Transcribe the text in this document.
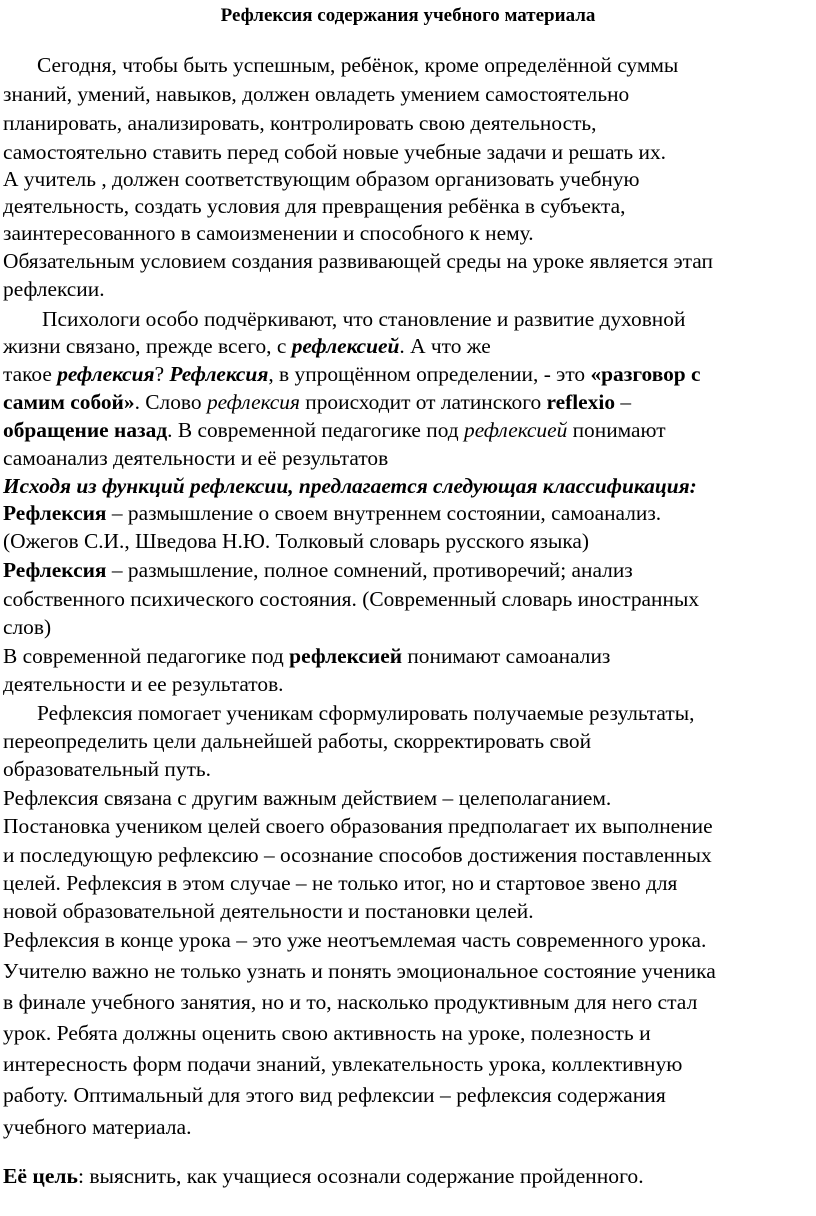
Рефлексия содержания учебного материала
Сегодня, чтобы быть успешным, ребёнок, кроме определённой суммы
знаний, умений, навыков, должен овладеть умением самостоятельно
планировать, анализировать, контролировать свою деятельность,
самостоятельно ставить перед собой новые учебные задачи и решать их.
А учитель , должен соответствующим образом организовать учебную
деятельность, создать условия для превращения ребёнка в субъекта,
заинтересованного в самоизменении и способного к нему.
Обязательным условием создания развивающей среды на уроке является этап
рефлексии.
Психологи особо подчёркивают, что становление и развитие духовной
жизни связано, прежде всего, с рефлексией. А что же
такое рефлексия? Рефлексия, в упрощённом определении, - это «разговор с
самим собой». Слово рефлексия происходит от латинского reflexio –
обращение назад. В современной педагогике под рефлексией понимают
самоанализ деятельности и её результатов
Исходя из функций рефлексии, предлагается следующая классификация:
Рефлексия – размышление о своем внутреннем состоянии, самоанализ.
(Ожегов С.И., Шведова Н.Ю. Толковый словарь русского языка)
Рефлексия – размышление, полное сомнений, противоречий; анализ
собственного психического состояния. (Современный словарь иностранных
слов)
В современной педагогике под рефлексией понимают самоанализ
деятельности и ее результатов.
Рефлексия помогает ученикам сформулировать получаемые результаты,
переопределить цели дальнейшей работы, скорректировать свой
образовательный путь.
Рефлексия связана с другим важным действием – целеполаганием.
Постановка учеником целей своего образования предполагает их выполнение
и последующую рефлексию – осознание способов достижения поставленных
целей. Рефлексия в этом случае – не только итог, но и стартовое звено для
новой образовательной деятельности и постановки целей.
Рефлексия в конце урока – это уже неотъемлемая часть современного урока.
Учителю важно не только узнать и понять эмоциональное состояние ученика
в финале учебного занятия, но и то, насколько продуктивным для него стал
урок. Ребята должны оценить свою активность на уроке, полезность и
интересность форм подачи знаний, увлекательность урока, коллективную
работу. Оптимальный для этого вид рефлексии – рефлексия содержания
учебного материала.
Её цель: выяснить, как учащиеся осознали содержание пройденного.
